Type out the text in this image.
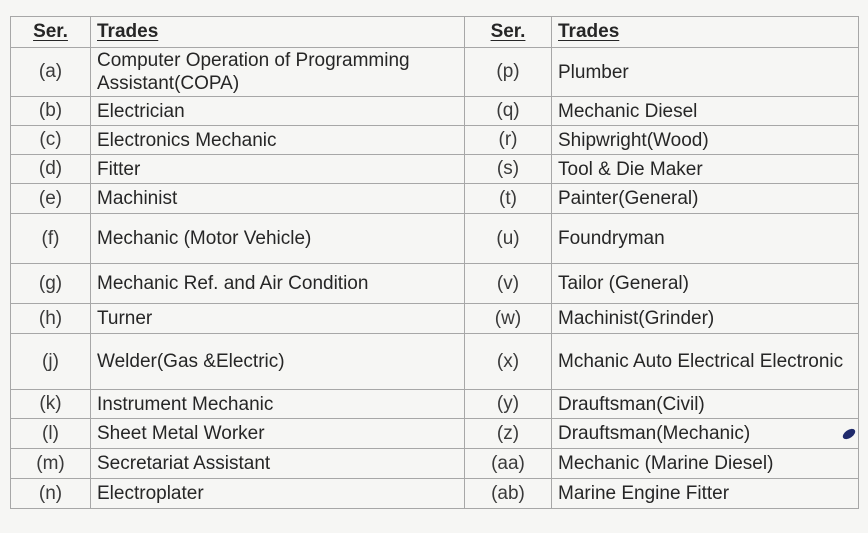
Ser.	Trades	Ser.	Trades
(a)	Computer Operation of Programming Assistant(COPA)	(p)	Plumber
(b)	Electrician	(q)	Mechanic Diesel
(c)	Electronics Mechanic	(r)	Shipwright(Wood)
(d)	Fitter	(s)	Tool & Die Maker
(e)	Machinist	(t)	Painter(General)
(f)	Mechanic (Motor Vehicle)	(u)	Foundryman
(g)	Mechanic Ref. and Air Condition	(v)	Tailor (General)
(h)	Turner	(w)	Machinist(Grinder)
(j)	Welder(Gas &Electric)	(x)	Mchanic Auto Electrical Electronic
(k)	Instrument Mechanic	(y)	Drauftsman(Civil)
(l)	Sheet Metal Worker	(z)	Drauftsman(Mechanic)
(m)	Secretariat Assistant	(aa)	Mechanic (Marine Diesel)
(n)	Electroplater	(ab)	Marine Engine Fitter
